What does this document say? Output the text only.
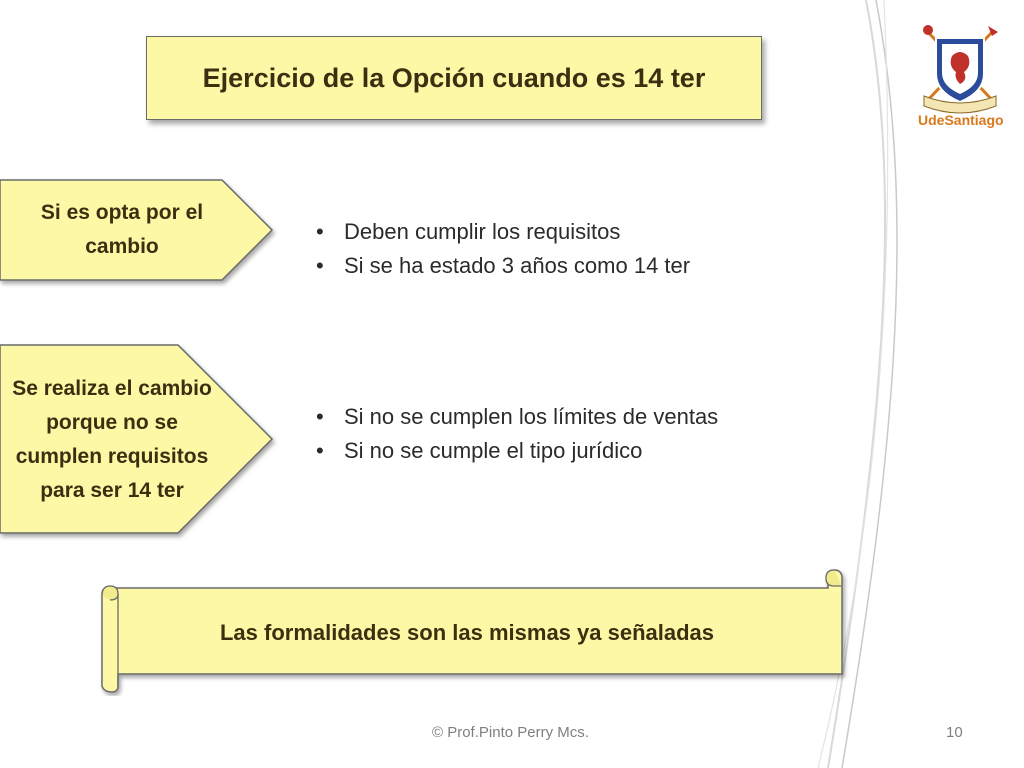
Ejercicio de la Opción cuando es 14 ter
Si es opta por el cambio
Se realiza el cambio porque no se cumplen requisitos para ser 14 ter
• Deben cumplir los requisitos
• Si se ha estado 3 años como 14 ter
• Si no se cumplen los límites de ventas
• Si no se cumple el tipo jurídico
Las formalidades son las mismas ya señaladas
UdeSantiago
© Prof.Pinto Perry Mcs.	10
